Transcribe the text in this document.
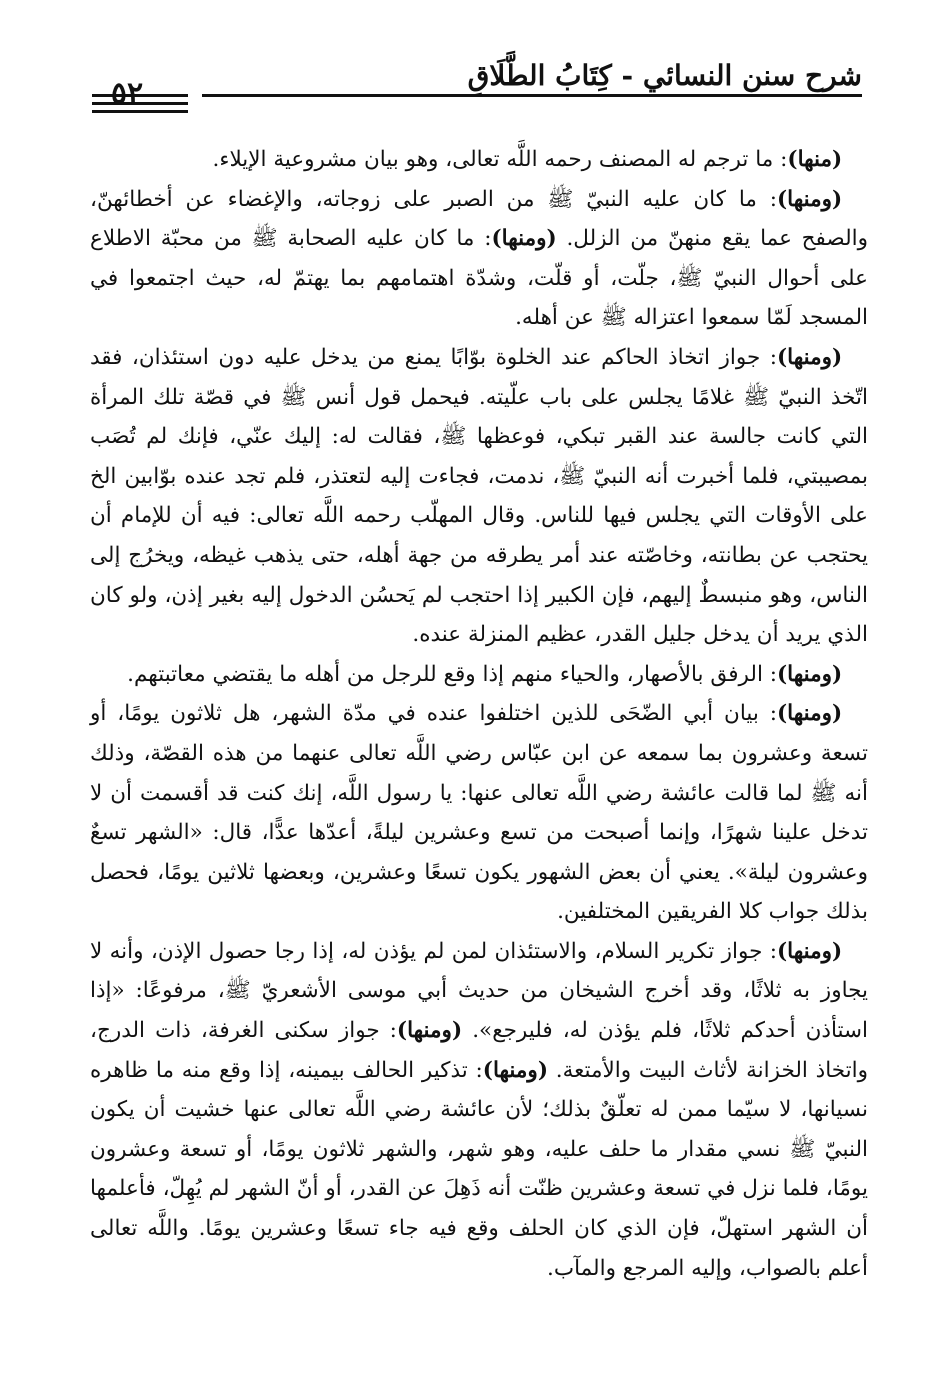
شرح سنن النسائي - كِتَابُ الطَّلَاقِ
٥٢

(منها): ما ترجم له المصنف رحمه اللَّه تعالى، وهو بيان مشروعية الإيلاء.

(ومنها): ما كان عليه النبيّ ﷺ من الصبر على زوجاته، والإغضاء عن أخطائهنّ، والصفح عما يقع منهنّ من الزلل. (ومنها): ما كان عليه الصحابة ﷺ من محبّة الاطلاع على أحوال النبيّ ﷺ، جلّت، أو قلّت، وشدّة اهتمامهم بما يهتمّ له، حيث اجتمعوا في المسجد لَمّا سمعوا اعتزاله ﷺ عن أهله.

(ومنها): جواز اتخاذ الحاكم عند الخلوة بوّابًا يمنع من يدخل عليه دون استئذان، فقد اتّخذ النبيّ ﷺ غلامًا يجلس على باب علّيته. فيحمل قول أنس ﷺ في قصّة تلك المرأة التي كانت جالسة عند القبر تبكي، فوعظها ﷺ، فقالت له: إليك عنّي، فإنك لم تُصَب بمصيبتي، فلما أخبرت أنه النبيّ ﷺ، ندمت، فجاءت إليه لتعتذر، فلم تجد عنده بوّابين الخ على الأوقات التي يجلس فيها للناس. وقال المهلّب رحمه اللَّه تعالى: فيه أن للإمام أن يحتجب عن بطانته، وخاصّته عند أمر يطرقه من جهة أهله، حتى يذهب غيظه، ويخرُج إلى الناس، وهو منبسطٌ إليهم، فإن الكبير إذا احتجب لم يَحسُن الدخول إليه بغير إذن، ولو كان الذي يريد أن يدخل جليل القدر، عظيم المنزلة عنده.

(ومنها): الرفق بالأصهار، والحياء منهم إذا وقع للرجل من أهله ما يقتضي معاتبتهم.

(ومنها): بيان أبي الضّحَى للذين اختلفوا عنده في مدّة الشهر، هل ثلاثون يومًا، أو تسعة وعشرون بما سمعه عن ابن عبّاس رضي اللَّه تعالى عنهما من هذه القصّة، وذلك أنه ﷺ لما قالت عائشة رضي اللَّه تعالى عنها: يا رسول اللَّه، إنك كنت قد أقسمت أن لا تدخل علينا شهرًا، وإنما أصبحت من تسع وعشرين ليلةً، أعدّها عدًّا، قال: «الشهر تسعٌ وعشرون ليلة». يعني أن بعض الشهور يكون تسعًا وعشرين، وبعضها ثلاثين يومًا، فحصل بذلك جواب كلا الفريقين المختلفين.

(ومنها): جواز تكرير السلام، والاستئذان لمن لم يؤذن له، إذا رجا حصول الإذن، وأنه لا يجاوز به ثلاثًا، وقد أخرج الشيخان من حديث أبي موسى الأشعريّ ﷺ، مرفوعًا: «إذا استأذن أحدكم ثلاثًا، فلم يؤذن له، فليرجع». (ومنها): جواز سكنى الغرفة، ذات الدرج، واتخاذ الخزانة لأثاث البيت والأمتعة. (ومنها): تذكير الحالف بيمينه، إذا وقع منه ما ظاهره نسيانها، لا سيّما ممن له تعلّقٌ بذلك؛ لأن عائشة رضي اللَّه تعالى عنها خشيت أن يكون النبيّ ﷺ نسي مقدار ما حلف عليه، وهو شهر، والشهر ثلاثون يومًا، أو تسعة وعشرون يومًا، فلما نزل في تسعة وعشرين ظنّت أنه ذَهِلَ عن القدر، أو أنّ الشهر لم يُهِلّ، فأعلمها أن الشهر استهلّ، فإن الذي كان الحلف وقع فيه جاء تسعًا وعشرين يومًا. واللَّه تعالى أعلم بالصواب، وإليه المرجع والمآب.
